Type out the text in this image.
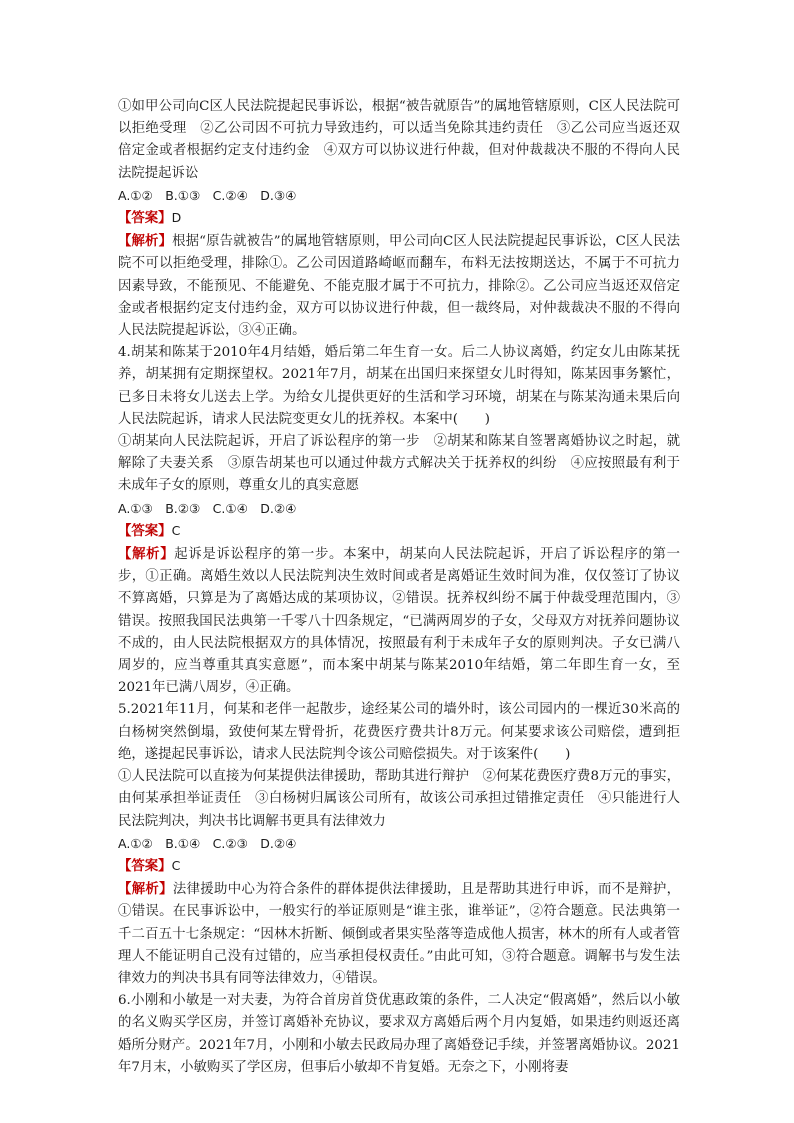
①如甲公司向C区人民法院提起民事诉讼，根据“被告就原告”的属地管辖原则，C区人民法院可以拒绝受理　②乙公司因不可抗力导致违约，可以适当免除其违约责任　③乙公司应当返还双倍定金或者根据约定支付违约金　④双方可以协议进行仲裁，但对仲裁裁决不服的不得向人民法院提起诉讼

A.①②　B.①③　C.②④　D.③④

【答案】D

【解析】根据“原告就被告”的属地管辖原则，甲公司向C区人民法院提起民事诉讼，C区人民法院不可以拒绝受理，排除①。乙公司因道路崎岖而翻车，布料无法按期送达，不属于不可抗力因素导致，不能预见、不能避免、不能克服才属于不可抗力，排除②。乙公司应当返还双倍定金或者根据约定支付违约金，双方可以协议进行仲裁，但一裁终局，对仲裁裁决不服的不得向人民法院提起诉讼，③④正确。

4.胡某和陈某于2010年4月结婚，婚后第二年生育一女。后二人协议离婚，约定女儿由陈某抚养，胡某拥有定期探望权。2021年7月，胡某在出国归来探望女儿时得知，陈某因事务繁忙，已多日未将女儿送去上学。为给女儿提供更好的生活和学习环境，胡某在与陈某沟通未果后向人民法院起诉，请求人民法院变更女儿的抚养权。本案中(　　)

①胡某向人民法院起诉，开启了诉讼程序的第一步　②胡某和陈某自签署离婚协议之时起，就解除了夫妻关系　③原告胡某也可以通过仲裁方式解决关于抚养权的纠纷　④应按照最有利于未成年子女的原则，尊重女儿的真实意愿

A.①③　B.②③　C.①④　D.②④

【答案】C

【解析】起诉是诉讼程序的第一步。本案中，胡某向人民法院起诉，开启了诉讼程序的第一步，①正确。离婚生效以人民法院判决生效时间或者是离婚证生效时间为准，仅仅签订了协议不算离婚，只算是为了离婚达成的某项协议，②错误。抚养权纠纷不属于仲裁受理范围内，③错误。按照我国民法典第一千零八十四条规定，“已满两周岁的子女，父母双方对抚养问题协议不成的，由人民法院根据双方的具体情况，按照最有利于未成年子女的原则判决。子女已满八周岁的，应当尊重其真实意愿”，而本案中胡某与陈某2010年结婚，第二年即生育一女，至2021年已满八周岁，④正确。

5.2021年11月，何某和老伴一起散步，途经某公司的墙外时，该公司园内的一棵近30米高的白杨树突然倒塌，致使何某左臂骨折，花费医疗费共计8万元。何某要求该公司赔偿，遭到拒绝，遂提起民事诉讼，请求人民法院判令该公司赔偿损失。对于该案件(　　)

①人民法院可以直接为何某提供法律援助，帮助其进行辩护　②何某花费医疗费8万元的事实，由何某承担举证责任　③白杨树归属该公司所有，故该公司承担过错推定责任　④只能进行人民法院判决，判决书比调解书更具有法律效力

A.①②　B.①④　C.②③　D.②④

【答案】C

【解析】法律援助中心为符合条件的群体提供法律援助，且是帮助其进行申诉，而不是辩护，①错误。在民事诉讼中，一般实行的举证原则是“谁主张，谁举证”，②符合题意。民法典第一千二百五十七条规定：“因林木折断、倾倒或者果实坠落等造成他人损害，林木的所有人或者管理人不能证明自己没有过错的，应当承担侵权责任。”由此可知，③符合题意。调解书与发生法律效力的判决书具有同等法律效力，④错误。

6.小刚和小敏是一对夫妻，为符合首房首贷优惠政策的条件，二人决定“假离婚”，然后以小敏的名义购买学区房，并签订离婚补充协议，要求双方离婚后两个月内复婚，如果违约则返还离婚所分财产。2021年7月，小刚和小敏去民政局办理了离婚登记手续，并签署离婚协议。2021年7月末，小敏购买了学区房，但事后小敏却不肯复婚。无奈之下，小刚将妻
